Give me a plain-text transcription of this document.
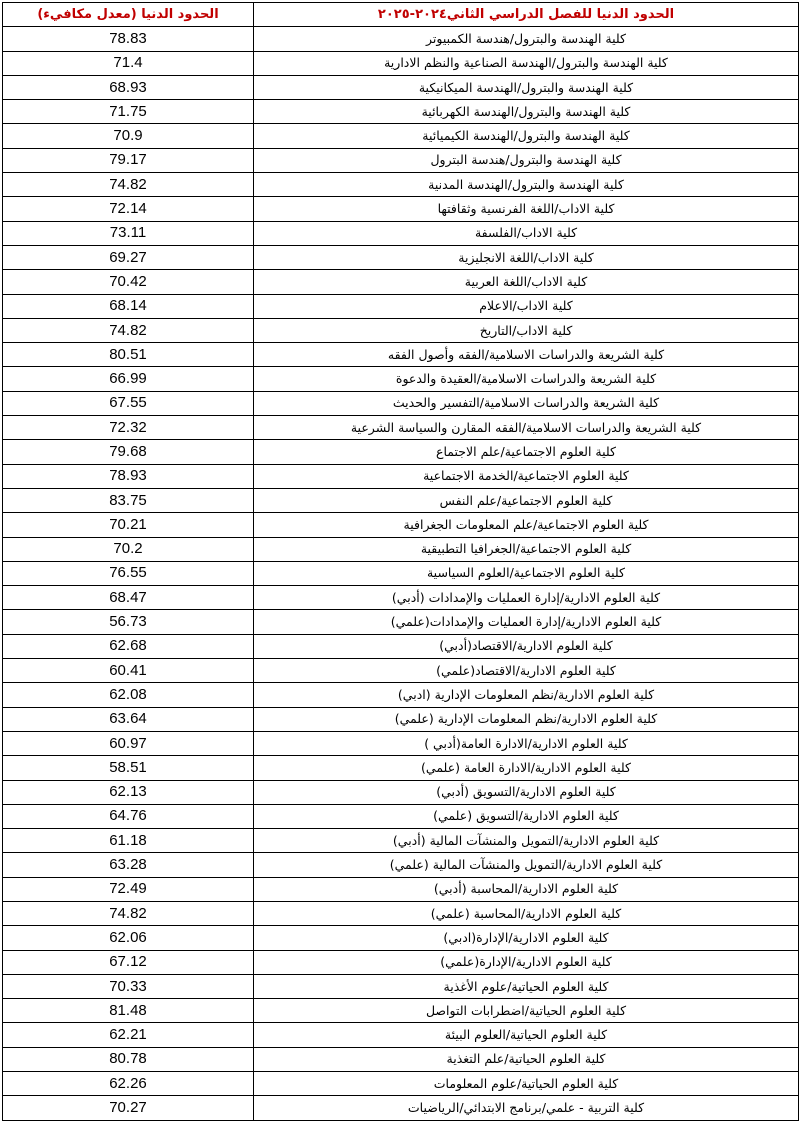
الحدود الدنيا (معدل مكافيء)	الحدود الدنيا للفصل الدراسي الثاني٢٠٢٤-٢٠٢٥
78.83	كلية الهندسة والبترول/هندسة الكمبيوتر
71.4	كلية الهندسة والبترول/الهندسة الصناعية والنظم الادارية
68.93	كلية الهندسة والبترول/الهندسة الميكانيكية
71.75	كلية الهندسة والبترول/الهندسة الكهربائية
70.9	كلية الهندسة والبترول/الهندسة الكيميائية
79.17	كلية الهندسة والبترول/هندسة البترول
74.82	كلية الهندسة والبترول/الهندسة المدنية
72.14	كلية الاداب/اللغة الفرنسية وثقافتها
73.11	كلية الاداب/الفلسفة
69.27	كلية الاداب/اللغة الانجليزية
70.42	كلية الاداب/اللغة العربية
68.14	كلية الاداب/الاعلام
74.82	كلية الاداب/التاريخ
80.51	كلية الشريعة والدراسات الاسلامية/الفقه وأصول الفقه
66.99	كلية الشريعة والدراسات الاسلامية/العقيدة والدعوة
67.55	كلية الشريعة والدراسات الاسلامية/التفسير والحديث
72.32	كلية الشريعة والدراسات الاسلامية/الفقه المقارن والسياسة الشرعية
79.68	كلية العلوم الاجتماعية/علم الاجتماع
78.93	كلية العلوم الاجتماعية/الخدمة الاجتماعية
83.75	كلية العلوم الاجتماعية/علم النفس
70.21	كلية العلوم الاجتماعية/علم المعلومات الجغرافية
70.2	كلية العلوم الاجتماعية/الجغرافيا التطبيقية
76.55	كلية العلوم الاجتماعية/العلوم السياسية
68.47	كلية العلوم الادارية/إدارة العمليات والإمدادات (أدبي)
56.73	كلية العلوم الادارية/إدارة العمليات والإمدادات(علمي)
62.68	كلية العلوم الادارية/الاقتصاد(أدبي)
60.41	كلية العلوم الادارية/الاقتصاد(علمي)
62.08	كلية العلوم الادارية/نظم المعلومات الإدارية (ادبي)
63.64	كلية العلوم الادارية/نظم المعلومات الإدارية (علمي)
60.97	كلية العلوم الادارية/الادارة العامة(أدبي )
58.51	كلية العلوم الادارية/الادارة العامة (علمي)
62.13	كلية العلوم الادارية/التسويق (أدبي)
64.76	كلية العلوم الادارية/التسويق (علمي)
61.18	كلية العلوم الادارية/التمويل والمنشآت المالية (أدبي)
63.28	كلية العلوم الادارية/التمويل والمنشآت المالية (علمي)
72.49	كلية العلوم الادارية/المحاسبة (أدبي)
74.82	كلية العلوم الادارية/المحاسبة (علمي)
62.06	كلية العلوم الادارية/الإدارة(ادبي)
67.12	كلية العلوم الادارية/الإدارة(علمي)
70.33	كلية العلوم الحياتية/علوم الأغذية
81.48	كلية العلوم الحياتية/اضطرابات التواصل
62.21	كلية العلوم الحياتية/العلوم البيئة
80.78	كلية العلوم الحياتية/علم التغذية
62.26	كلية العلوم الحياتية/علوم المعلومات
70.27	كلية التربية - علمي/برنامج الابتدائي/الرياضيات
